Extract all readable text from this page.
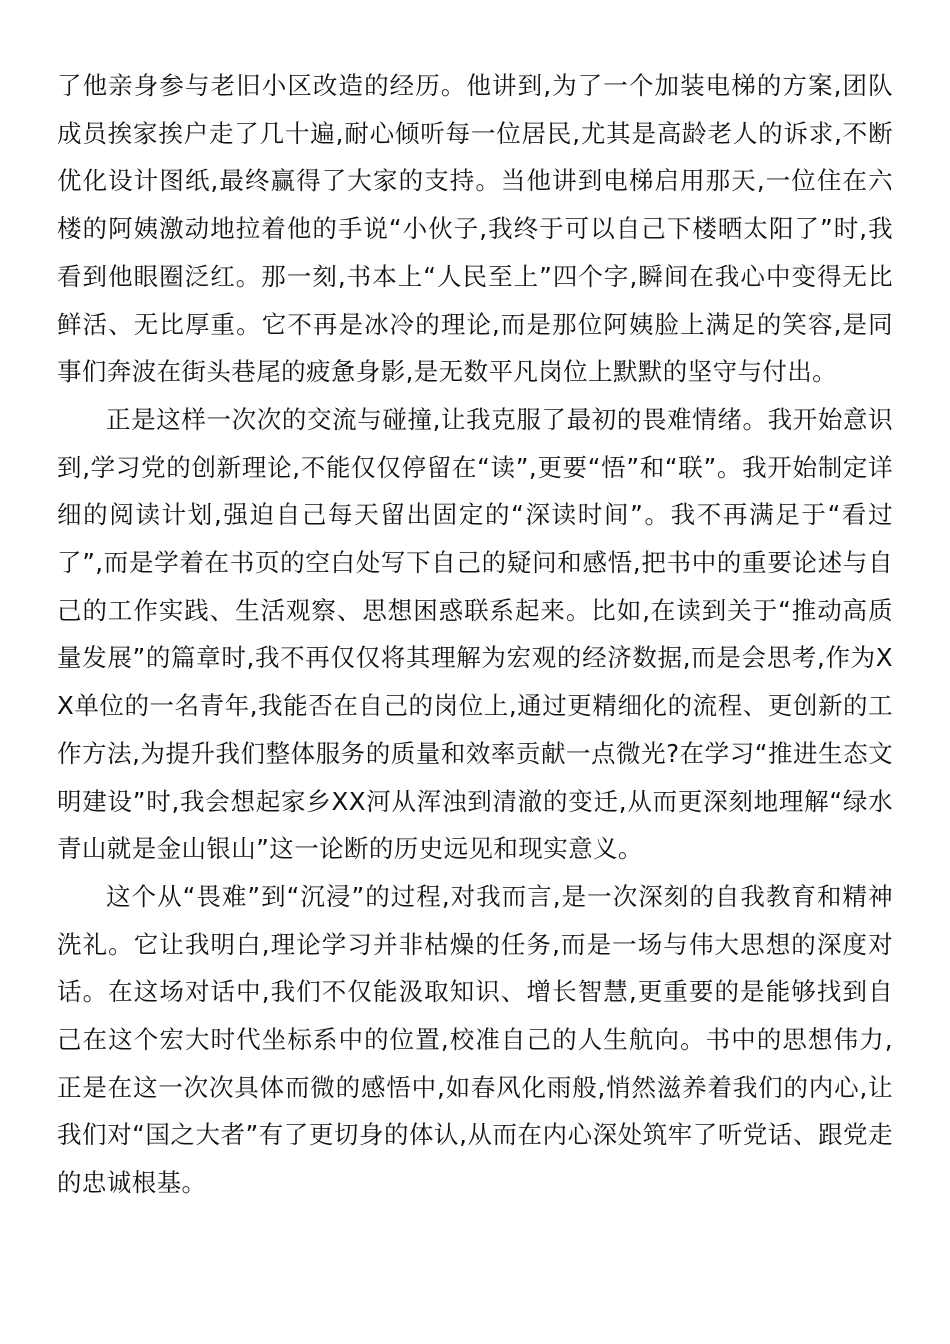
了他亲身参与老旧小区改造的经历。他讲到,为了一个加装电梯的方案,团队成员挨家挨户走了几十遍,耐心倾听每一位居民,尤其是高龄老人的诉求,不断优化设计图纸,最终赢得了大家的支持。当他讲到电梯启用那天,一位住在六楼的阿姨激动地拉着他的手说“小伙子,我终于可以自己下楼晒太阳了”时,我看到他眼圈泛红。那一刻,书本上“人民至上”四个字,瞬间在我心中变得无比鲜活、无比厚重。它不再是冰冷的理论,而是那位阿姨脸上满足的笑容,是同事们奔波在街头巷尾的疲惫身影,是无数平凡岗位上默默的坚守与付出。

正是这样一次次的交流与碰撞,让我克服了最初的畏难情绪。我开始意识到,学习党的创新理论,不能仅仅停留在“读”,更要“悟”和“联”。我开始制定详细的阅读计划,强迫自己每天留出固定的“深读时间”。我不再满足于“看过了”,而是学着在书页的空白处写下自己的疑问和感悟,把书中的重要论述与自己的工作实践、生活观察、思想困惑联系起来。比如,在读到关于“推动高质量发展”的篇章时,我不再仅仅将其理解为宏观的经济数据,而是会思考,作为XX单位的一名青年,我能否在自己的岗位上,通过更精细化的流程、更创新的工作方法,为提升我们整体服务的质量和效率贡献一点微光?在学习“推进生态文明建设”时,我会想起家乡XX河从浑浊到清澈的变迁,从而更深刻地理解“绿水青山就是金山银山”这一论断的历史远见和现实意义。

这个从“畏难”到“沉浸”的过程,对我而言,是一次深刻的自我教育和精神洗礼。它让我明白,理论学习并非枯燥的任务,而是一场与伟大思想的深度对话。在这场对话中,我们不仅能汲取知识、增长智慧,更重要的是能够找到自己在这个宏大时代坐标系中的位置,校准自己的人生航向。书中的思想伟力,正是在这一次次具体而微的感悟中,如春风化雨般,悄然滋养着我们的内心,让我们对“国之大者”有了更切身的体认,从而在内心深处筑牢了听党话、跟党走的忠诚根基。
